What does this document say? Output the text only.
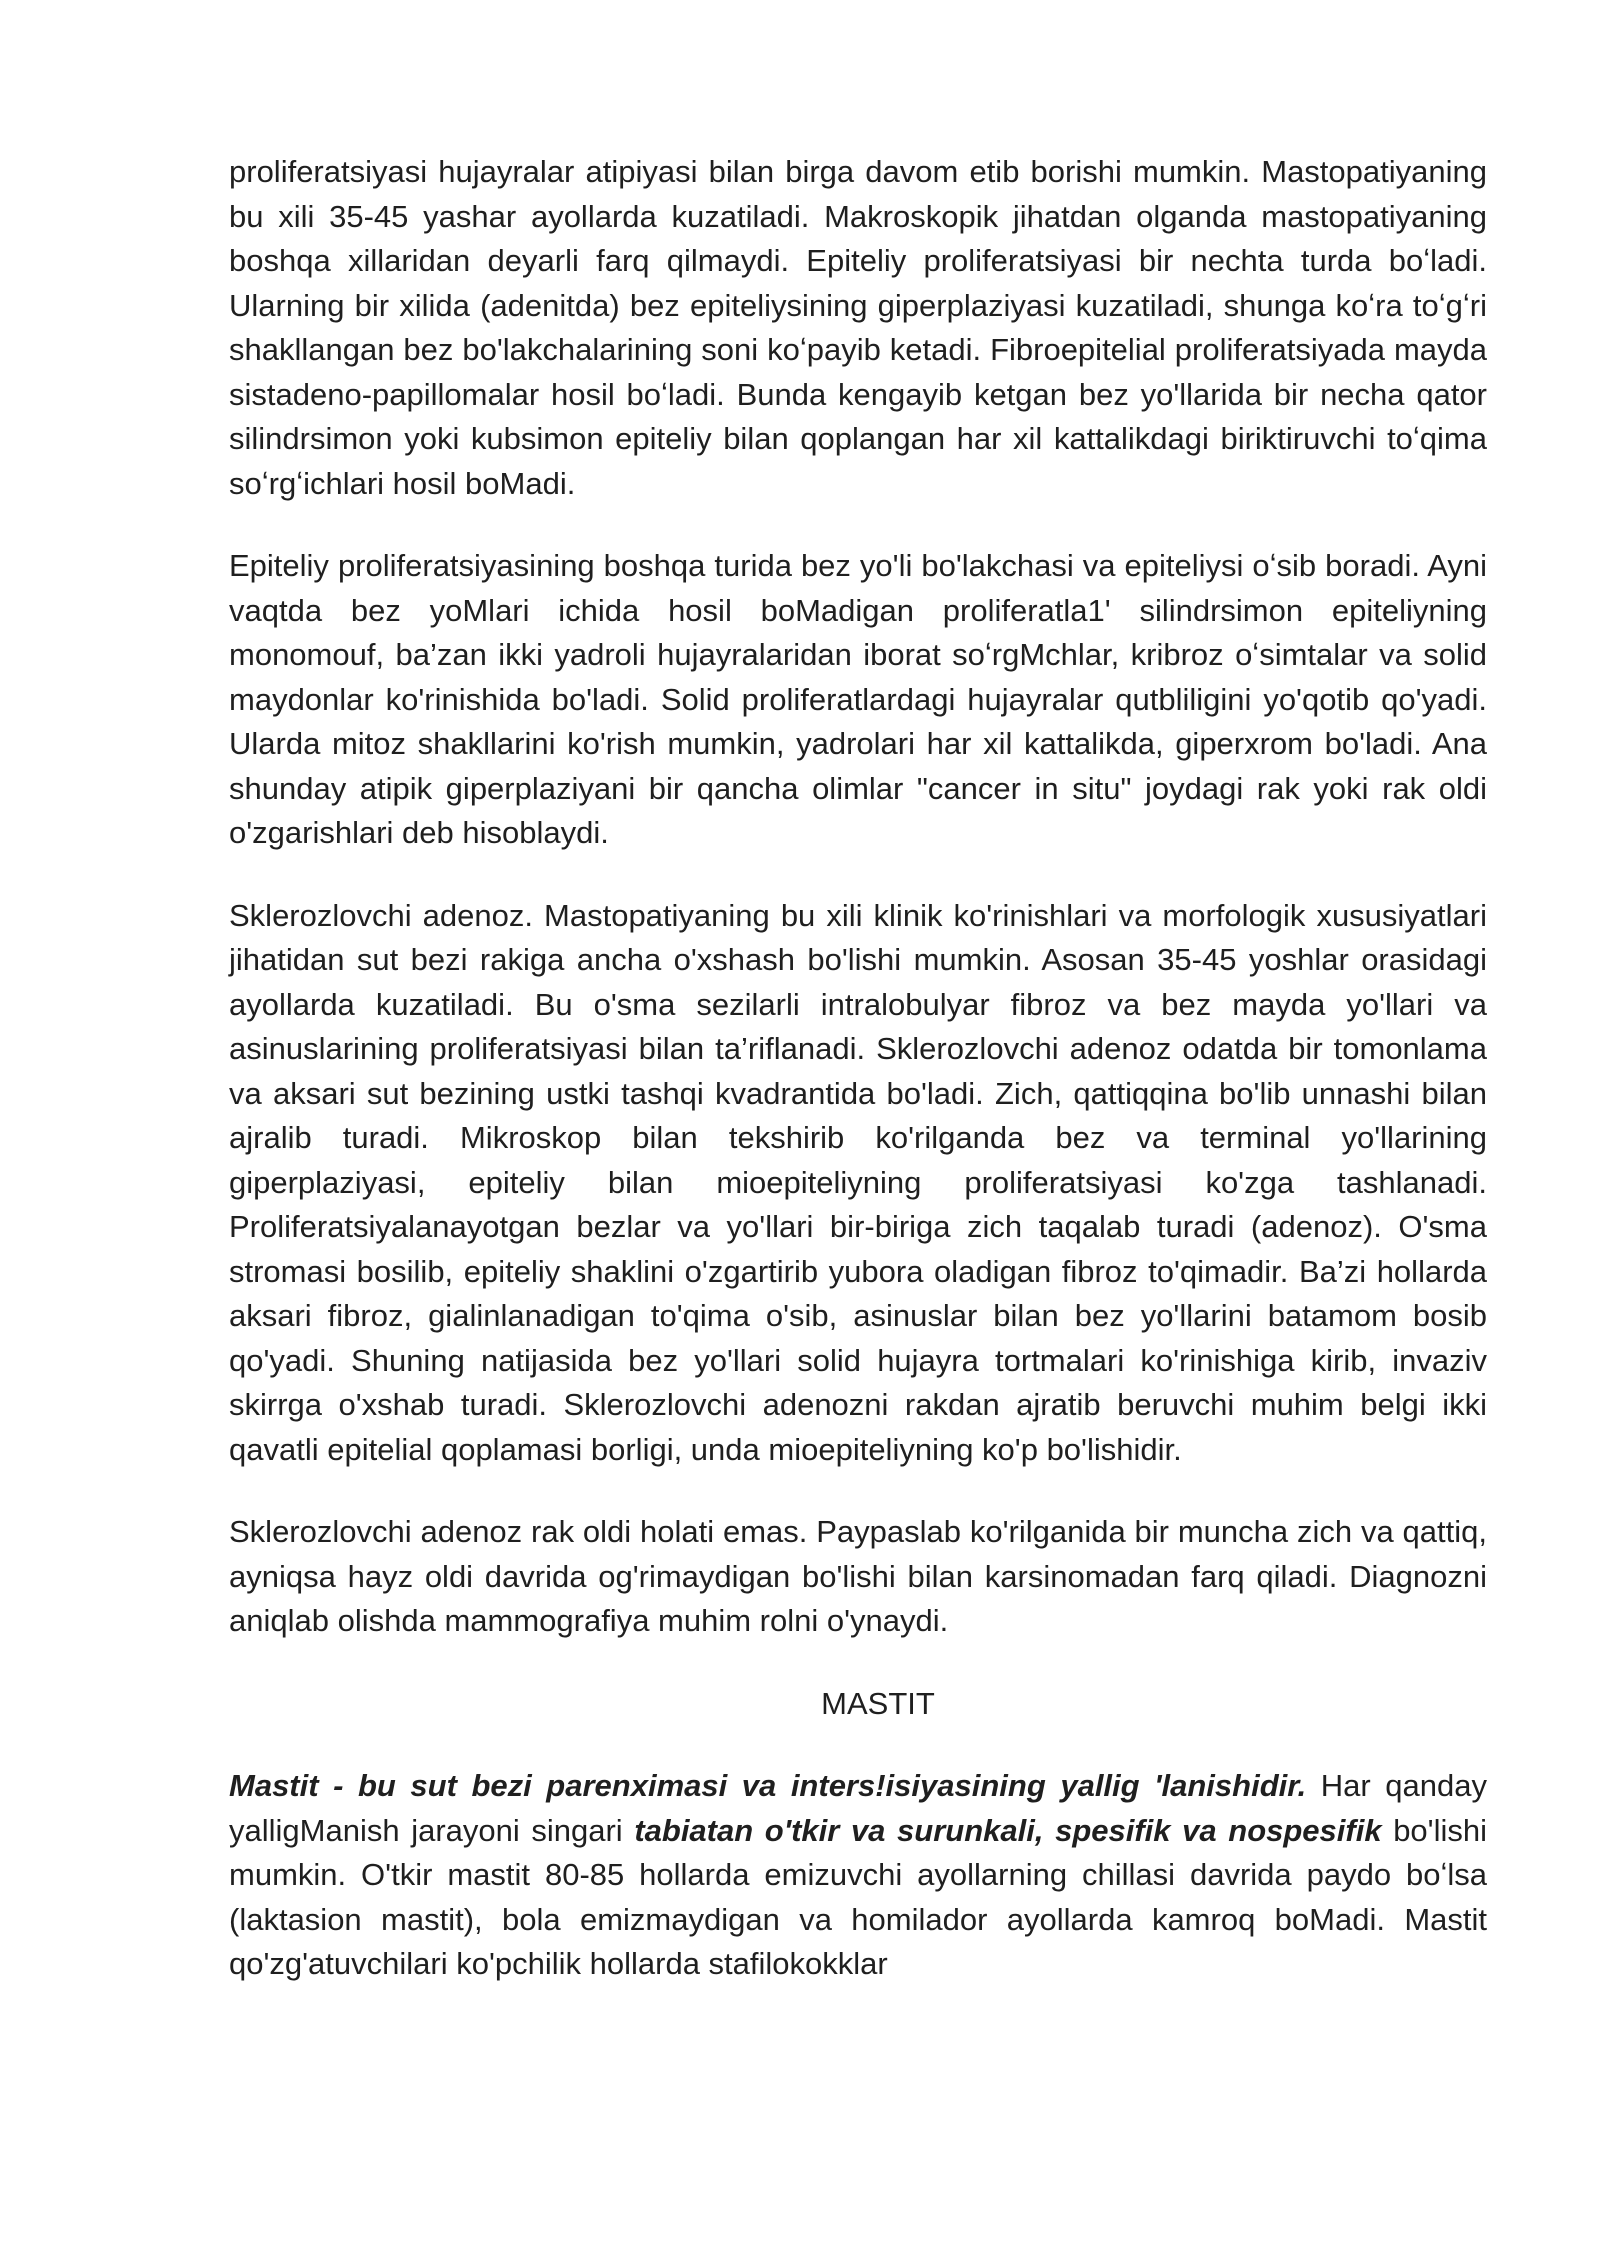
proliferatsiyasi hujayralar atipiyasi bilan birga davom etib borishi mumkin. Mastopatiyaning bu xili 35-45 yashar ayollarda kuzatiladi. Makroskopik jihatdan olganda mastopatiyaning boshqa xillaridan deyarli farq qilmaydi. Epiteliy proliferatsiyasi bir nechta turda boʻladi. Ularning bir xilida (adenitda) bez epiteliysining giperplaziyasi kuzatiladi, shunga koʻra toʻgʻri shakllangan bez bo'lakchalarining soni koʻpayib ketadi. Fibroepitelial proliferatsiyada mayda sistadeno-papillomalar hosil boʻladi. Bunda kengayib ketgan bez yo'llarida bir necha qator silindrsimon yoki kubsimon epiteliy bilan qoplangan har xil kattalikdagi biriktiruvchi toʻqima soʻrgʻichlari hosil boMadi.

Epiteliy proliferatsiyasining boshqa turida bez yo'li bo'lakchasi va epiteliysi oʻsib boradi. Ayni vaqtda bez yoMlari ichida hosil boMadigan proliferatla1' silindrsimon epiteliyning monomouf, ba’zan ikki yadroli hujayralaridan iborat soʻrgMchlar, kribroz oʻsimtalar va solid maydonlar ko'rinishida bo'ladi. Solid proliferatlardagi hujayralar qutbliligini yo'qotib qo'yadi. Ularda mitoz shakllarini ko'rish mumkin, yadrolari har xil kattalikda, giperxrom bo'ladi. Ana shunday atipik giperplaziyani bir qancha olimlar "cancer in situ" joydagi rak yoki rak oldi o'zgarishlari deb hisoblaydi.

Sklerozlovchi adenoz. Mastopatiyaning bu xili klinik ko'rinishlari va morfologik xususiyatlari jihatidan sut bezi rakiga ancha o'xshash bo'lishi mumkin. Asosan 35-45 yoshlar orasidagi ayollarda kuzatiladi. Bu o'sma sezilarli intralobulyar fibroz va bez mayda yo'llari va asinuslarining proliferatsiyasi bilan ta’riflanadi. Sklerozlovchi adenoz odatda bir tomonlama va aksari sut bezining ustki tashqi kvadrantida bo'ladi. Zich, qattiqqina bo'lib unnashi bilan ajralib turadi. Mikroskop bilan tekshirib ko'rilganda bez va terminal yo'llarining giperplaziyasi, epiteliy bilan mioepiteliyning proliferatsiyasi ko'zga tashlanadi. Proliferatsiyalanayotgan bezlar va yo'llari bir-biriga zich taqalab turadi (adenoz). O'sma stromasi bosilib, epiteliy shaklini o'zgartirib yubora oladigan fibroz to'qimadir. Ba’zi hollarda aksari fibroz, gialinlanadigan to'qima o'sib, asinuslar bilan bez yo'llarini batamom bosib qo'yadi. Shuning natijasida bez yo'llari solid hujayra tortmalari ko'rinishiga kirib, invaziv skirrga o'xshab turadi. Sklerozlovchi adenozni rakdan ajratib beruvchi muhim belgi ikki qavatli epitelial qoplamasi borligi, unda mioepiteliyning ko'p bo'lishidir.

Sklerozlovchi adenoz rak oldi holati emas. Paypaslab ko'rilganida bir muncha zich va qattiq, ayniqsa hayz oldi davrida og'rimaydigan bo'lishi bilan karsinomadan farq qiladi. Diagnozni aniqlab olishda mammografiya muhim rolni o'ynaydi.

MASTIT

Mastit - bu sut bezi parenximasi va inters!isiyasining yallig 'lanishidir. Har qanday yalligManish jarayoni singari tabiatan o'tkir va surunkali, spesifik va nospesifik bo'lishi mumkin. O'tkir mastit 80-85 hollarda emizuvchi ayollarning chillasi davrida paydo boʻlsa (laktasion mastit), bola emizmaydigan va homilador ayollarda kamroq boMadi. Mastit qo'zg'atuvchilari ko'pchilik hollarda stafilokokklar
